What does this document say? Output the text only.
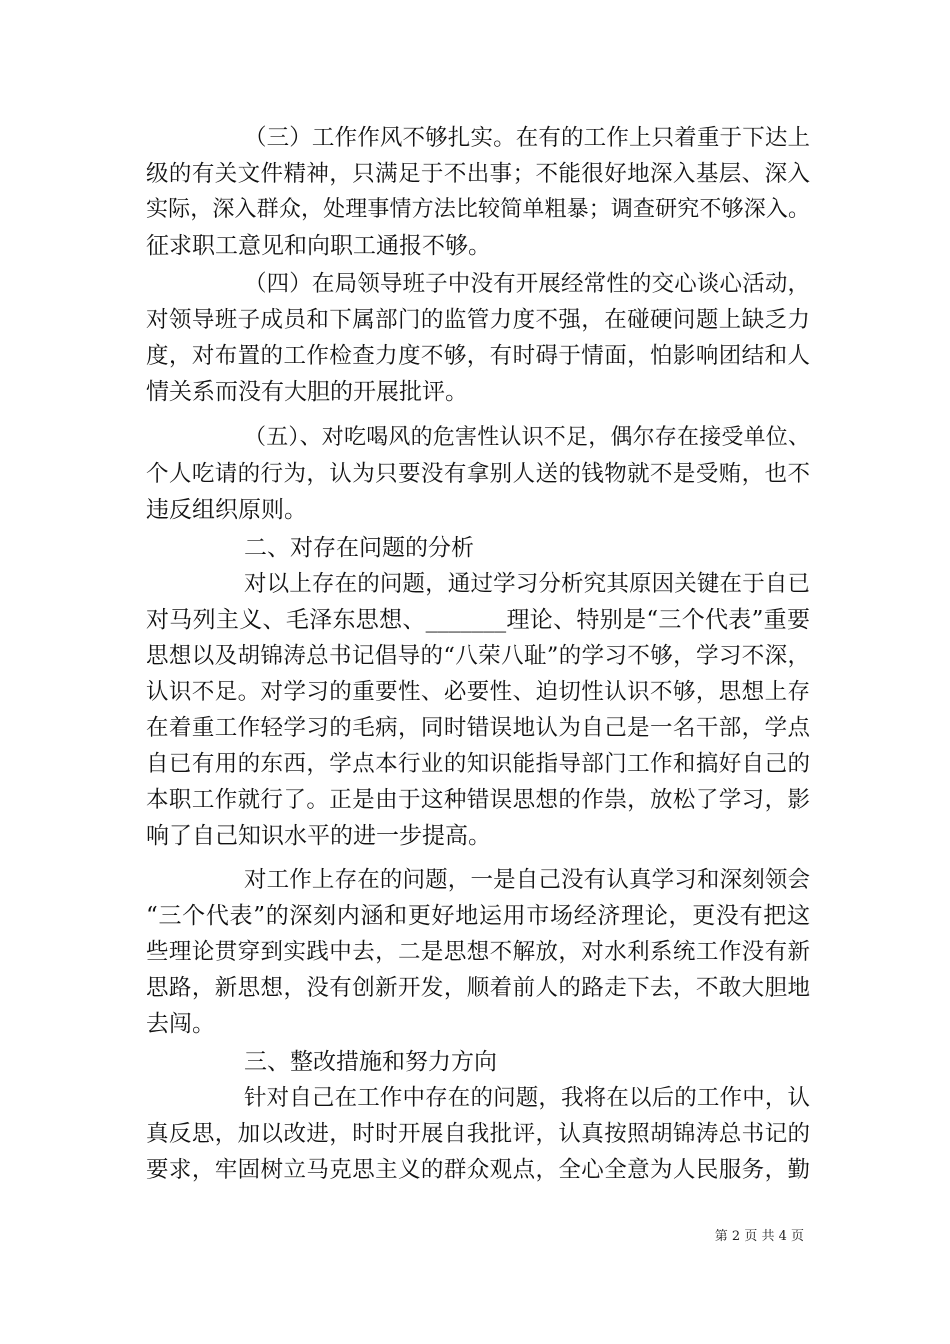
（三）工作作风不够扎实。在有的工作上只着重于下达上
级的有关文件精神，只满足于不出事；不能很好地深入基层、深入
实际，深入群众，处理事情方法比较简单粗暴；调查研究不够深入。
征求职工意见和向职工通报不够。
（四）在局领导班子中没有开展经常性的交心谈心活动，
对领导班子成员和下属部门的监管力度不强，在碰硬问题上缺乏力
度，对布置的工作检查力度不够，有时碍于情面，怕影响团结和人
情关系而没有大胆的开展批评。
（五）、对吃喝风的危害性认识不足，偶尔存在接受单位、
个人吃请的行为，认为只要没有拿别人送的钱物就不是受贿，也不
违反组织原则。
二、对存在问题的分析
对以上存在的问题，通过学习分析究其原因关键在于自已
对马列主义、毛泽东思想、_______理论、特别是“三个代表”重要
思想以及胡锦涛总书记倡导的“八荣八耻”的学习不够，学习不深，
认识不足。对学习的重要性、必要性、迫切性认识不够，思想上存
在着重工作轻学习的毛病，同时错误地认为自己是一名干部，学点
自已有用的东西，学点本行业的知识能指导部门工作和搞好自己的
本职工作就行了。正是由于这种错误思想的作祟，放松了学习，影
响了自己知识水平的进一步提高。
对工作上存在的问题，一是自己没有认真学习和深刻领会
“三个代表”的深刻内涵和更好地运用市场经济理论，更没有把这
些理论贯穿到实践中去，二是思想不解放，对水利系统工作没有新
思路，新思想，没有创新开发，顺着前人的路走下去，不敢大胆地
去闯。
三、整改措施和努力方向
针对自己在工作中存在的问题，我将在以后的工作中，认
真反思，加以改进，时时开展自我批评，认真按照胡锦涛总书记的
要求，牢固树立马克思主义的群众观点，全心全意为人民服务，勤
第 2 页 共 4 页
